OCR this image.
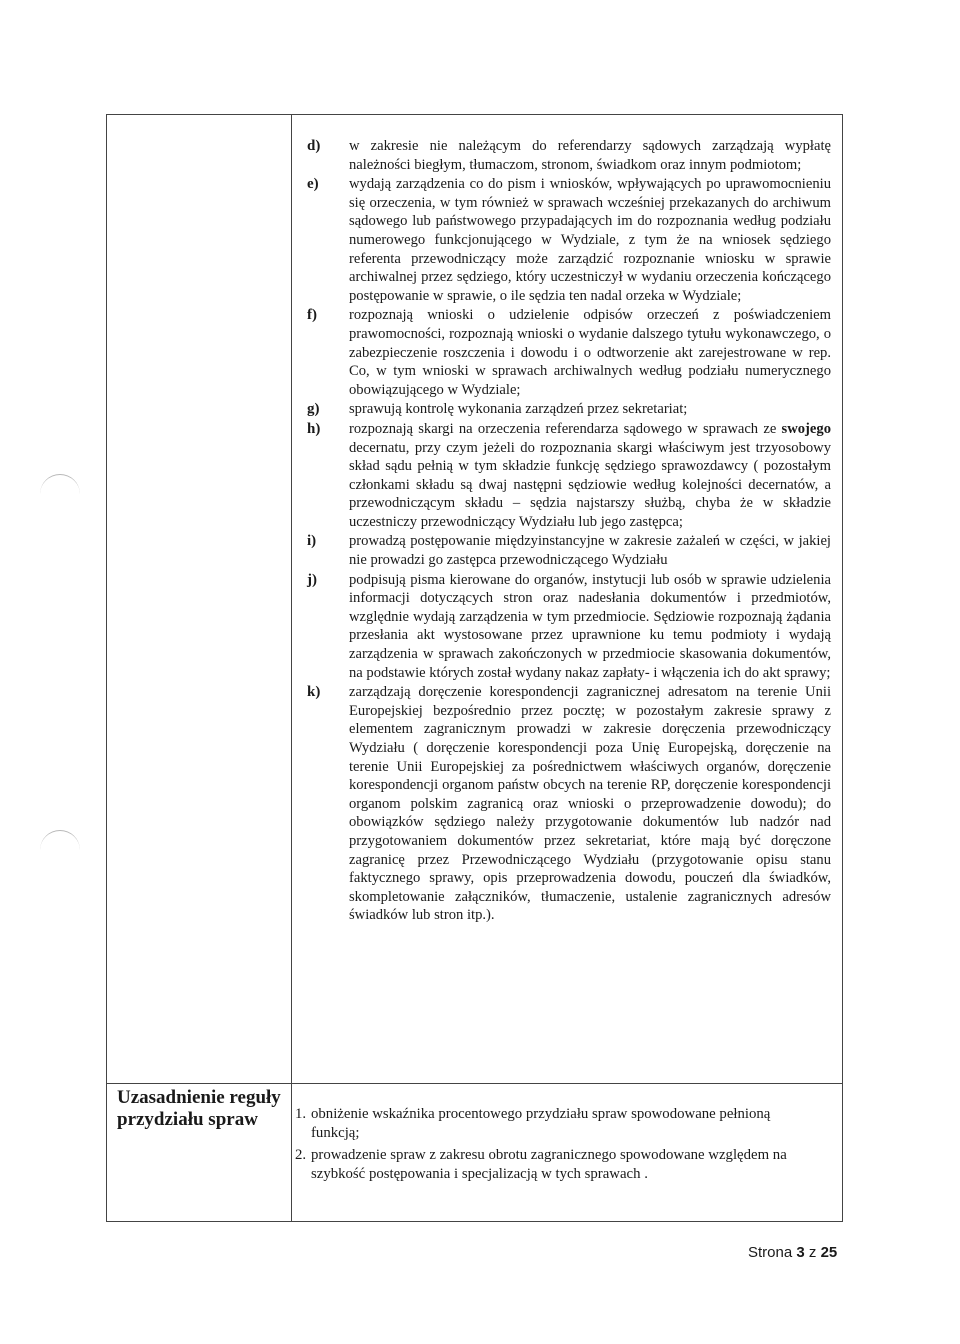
d) w zakresie nie należącym do referendarzy sądowych zarządzają wypłatę należności biegłym, tłumaczom, stronom, świadkom oraz innym podmiotom;
e) wydają zarządzenia co do pism i wniosków, wpływających po uprawomocnieniu się orzeczenia, w tym również w sprawach wcześniej przekazanych do archiwum sądowego lub państwowego przypadających im do rozpoznania według podziału numerowego funkcjonującego w Wydziale, z tym że na wniosek sędziego referenta przewodniczący może zarządzić rozpoznanie wniosku w sprawie archiwalnej przez sędziego, który uczestniczył w wydaniu orzeczenia kończącego postępowanie w sprawie, o ile sędzia ten nadal orzeka w Wydziale;
f) rozpoznają wnioski o udzielenie odpisów orzeczeń z poświadczeniem prawomocności, rozpoznają wnioski o wydanie dalszego tytułu wykonawczego, o zabezpieczenie roszczenia i dowodu i o odtworzenie akt zarejestrowane w rep. Co, w tym wnioski w sprawach archiwalnych według podziału numerycznego obowiązującego w Wydziale;
g) sprawują kontrolę wykonania zarządzeń przez sekretariat;
h) rozpoznają skargi na orzeczenia referendarza sądowego w sprawach ze swojego decernatu, przy czym jeżeli do rozpoznania skargi właściwym jest trzyosobowy skład sądu pełnią w tym składzie funkcję sędziego sprawozdawcy ( pozostałym członkami składu są dwaj następni sędziowie według kolejności decernatów, a przewodniczącym składu – sędzia najstarszy służbą, chyba że w składzie uczestniczy przewodniczący Wydziału lub jego zastępca;
i) prowadzą postępowanie międzyinstancyjne w zakresie zażaleń w części, w jakiej nie prowadzi go zastępca przewodniczącego Wydziału
j) podpisują pisma kierowane do organów, instytucji lub osób w sprawie udzielenia informacji dotyczących stron oraz nadesłania dokumentów i przedmiotów, względnie wydają zarządzenia w tym przedmiocie. Sędziowie rozpoznają żądania przesłania akt wystosowane przez uprawnione ku temu podmioty i wydają zarządzenia w sprawach zakończonych w przedmiocie skasowania dokumentów, na podstawie których został wydany nakaz zapłaty- i włączenia ich do akt sprawy;
k) zarządzają doręczenie korespondencji zagranicznej adresatom na terenie Unii Europejskiej bezpośrednio przez pocztę; w pozostałym zakresie sprawy z elementem zagranicznym prowadzi w zakresie doręczenia przewodniczący Wydziału ( doręczenie korespondencji poza Unię Europejską, doręczenie na terenie Unii Europejskiej za pośrednictwem właściwych organów, doręczenie korespondencji organom państw obcych na terenie RP, doręczenie korespondencji organom polskim zagranicą oraz wnioski o przeprowadzenie dowodu); do obowiązków sędziego należy przygotowanie dokumentów lub nadzór nad przygotowaniem dokumentów przez sekretariat, które mają być doręczone zagranicę przez Przewodniczącego Wydziału (przygotowanie opisu stanu faktycznego sprawy, opis przeprowadzenia dowodu, pouczeń dla świadków, skompletowanie załączników, tłumaczenie, ustalenie zagranicznych adresów świadków lub stron itp.).
Uzasadnienie reguły przydziału spraw	1. obniżenie wskaźnika procentowego przydziału spraw spowodowane pełnioną funkcją;
2. prowadzenie spraw z zakresu obrotu zagranicznego spowodowane względem na szybkość postępowania i specjalizacją w tych sprawach .
Strona 3 z 25
